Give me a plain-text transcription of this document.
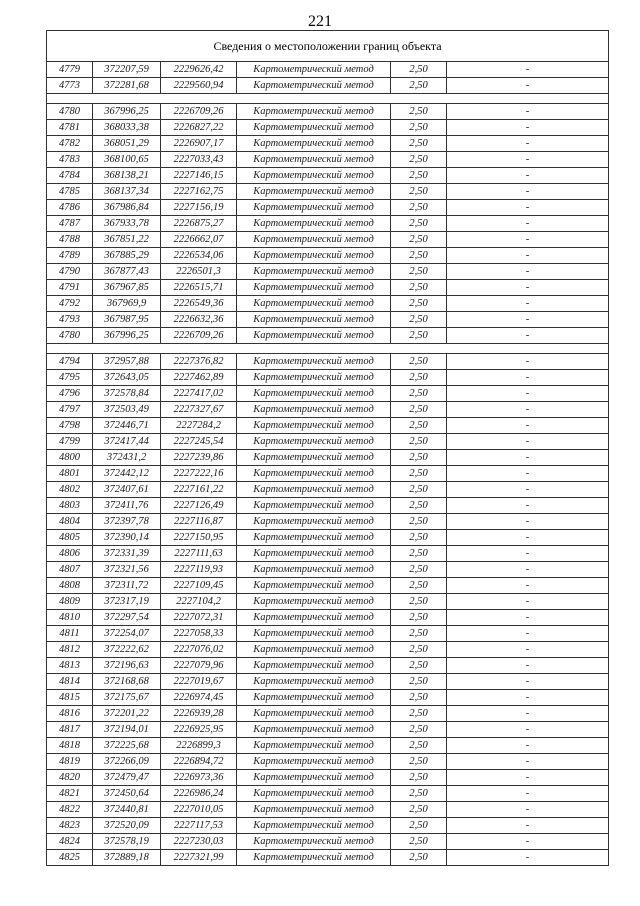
221
Сведения о местоположении границ объекта					
4779	372207,59	2229626,42	Картометрический метод	2,50	-
4773	372281,68	2229560,94	Картометрический метод	2,50	-

4780	367996,25	2226709,26	Картометрический метод	2,50	-
4781	368033,38	2226827,22	Картометрический метод	2,50	-
4782	368051,29	2226907,17	Картометрический метод	2,50	-
4783	368100,65	2227033,43	Картометрический метод	2,50	-
4784	368138,21	2227146,15	Картометрический метод	2,50	-
4785	368137,34	2227162,75	Картометрический метод	2,50	-
4786	367986,84	2227156,19	Картометрический метод	2,50	-
4787	367933,78	2226875,27	Картометрический метод	2,50	-
4788	367851,22	2226662,07	Картометрический метод	2,50	-
4789	367885,29	2226534,06	Картометрический метод	2,50	-
4790	367877,43	2226501,3	Картометрический метод	2,50	-
4791	367967,85	2226515,71	Картометрический метод	2,50	-
4792	367969,9	2226549,36	Картометрический метод	2,50	-
4793	367987,95	2226632,36	Картометрический метод	2,50	-
4780	367996,25	2226709,26	Картометрический метод	2,50	-

4794	372957,88	2227376,82	Картометрический метод	2,50	-
4795	372643,05	2227462,89	Картометрический метод	2,50	-
4796	372578,84	2227417,02	Картометрический метод	2,50	-
4797	372503,49	2227327,67	Картометрический метод	2,50	-
4798	372446,71	2227284,2	Картометрический метод	2,50	-
4799	372417,44	2227245,54	Картометрический метод	2,50	-
4800	372431,2	2227239,86	Картометрический метод	2,50	-
4801	372442,12	2227222,16	Картометрический метод	2,50	-
4802	372407,61	2227161,22	Картометрический метод	2,50	-
4803	372411,76	2227126,49	Картометрический метод	2,50	-
4804	372397,78	2227116,87	Картометрический метод	2,50	-
4805	372390,14	2227150,95	Картометрический метод	2,50	-
4806	372331,39	2227111,63	Картометрический метод	2,50	-
4807	372321,56	2227119,93	Картометрический метод	2,50	-
4808	372311,72	2227109,45	Картометрический метод	2,50	-
4809	372317,19	2227104,2	Картометрический метод	2,50	-
4810	372297,54	2227072,31	Картометрический метод	2,50	-
4811	372254,07	2227058,33	Картометрический метод	2,50	-
4812	372222,62	2227076,02	Картометрический метод	2,50	-
4813	372196,63	2227079,96	Картометрический метод	2,50	-
4814	372168,68	2227019,67	Картометрический метод	2,50	-
4815	372175,67	2226974,45	Картометрический метод	2,50	-
4816	372201,22	2226939,28	Картометрический метод	2,50	-
4817	372194,01	2226925,95	Картометрический метод	2,50	-
4818	372225,68	2226899,3	Картометрический метод	2,50	-
4819	372266,09	2226894,72	Картометрический метод	2,50	-
4820	372479,47	2226973,36	Картометрический метод	2,50	-
4821	372450,64	2226986,24	Картометрический метод	2,50	-
4822	372440,81	2227010,05	Картометрический метод	2,50	-
4823	372520,09	2227117,53	Картометрический метод	2,50	-
4824	372578,19	2227230,03	Картометрический метод	2,50	-
4825	372889,18	2227321,99	Картометрический метод	2,50	-
